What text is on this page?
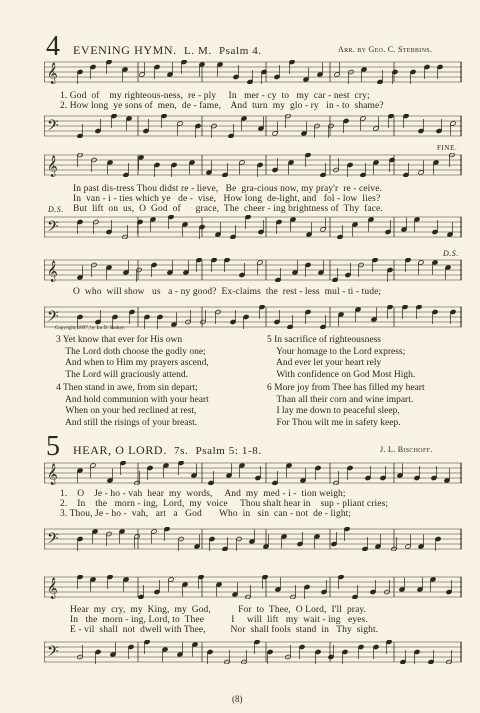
4 EVENING HYMN. L. M. Psalm 4.	Arr. by Geo. C. Stebbins.
𝄞
1. God  of    my righteous-ness,  re - ply     In   mer - cy  to   my  car - nest  cry;
2. How long  ye sons of  men,  de - fame,    And  turn  my  glo - ry   in - to  shame?
𝄢
FINE.
𝄞
In past dis-tress Thou didst re - lieve,   Be  gra-cious now, my pray'r  re - ceive.
In  van - i - ties which ye   de -  vise,   How long  de-light, and   fol - low  lies?
D.S. But  lift  on  us,  O  God  of      grace,  The  cheer - ing brightness of  Thy  face.
𝄢
D.S.
𝄞
O  who  will show   us   a - ny good?  Ex-claims  the  rest - less  mul - ti - tude;
𝄢
Copyright, 1897, by Ira D. Sankey.
3 Yet know that ever for His own
The Lord doth choose the godly one;
And when to Him my prayers ascend,
The Lord will graciously attend.
4 Then stand in awe, from sin depart;
And hold communion with your heart
When on your bed reclined at rest,
And still the risings of your breast.
5 In sacrifice of righteousness
Your homage to the Lord express;
And ever let your heart rely
With confidence on God Most High.
6 More joy from Thee has filled my heart
Than all their corn and wine impart.
I lay me down to peaceful sleep,
For Thou wilt me in safety keep.
5 HEAR, O LORD. 7s. Psalm 5: 1-8.	J. L. Bischoff.
𝄞
1.    O    Je - ho - vah  hear  my  words,     And  my  med - i -  tion weigh;
2.    In    the   morn - ing,  Lord,  my  voice     Thou shalt hear in    sup - pliant cries;
3. Thou, Je - ho -  vah,   art   a   God       Who  in   sin  can - not  de - light;
𝄢
𝄞
Hear  my  cry,  my  King,  my  God,           For  to  Thee,  O Lord,  I'll  pray.
In   the  morn - ing, Lord, to  Thee           I     will  lift   my  wait - ing   eyes.
E - vil  shall  not  dwell with Thee,          Nor  shall fools  stand  in   Thy  sight.
𝄢
(8)
